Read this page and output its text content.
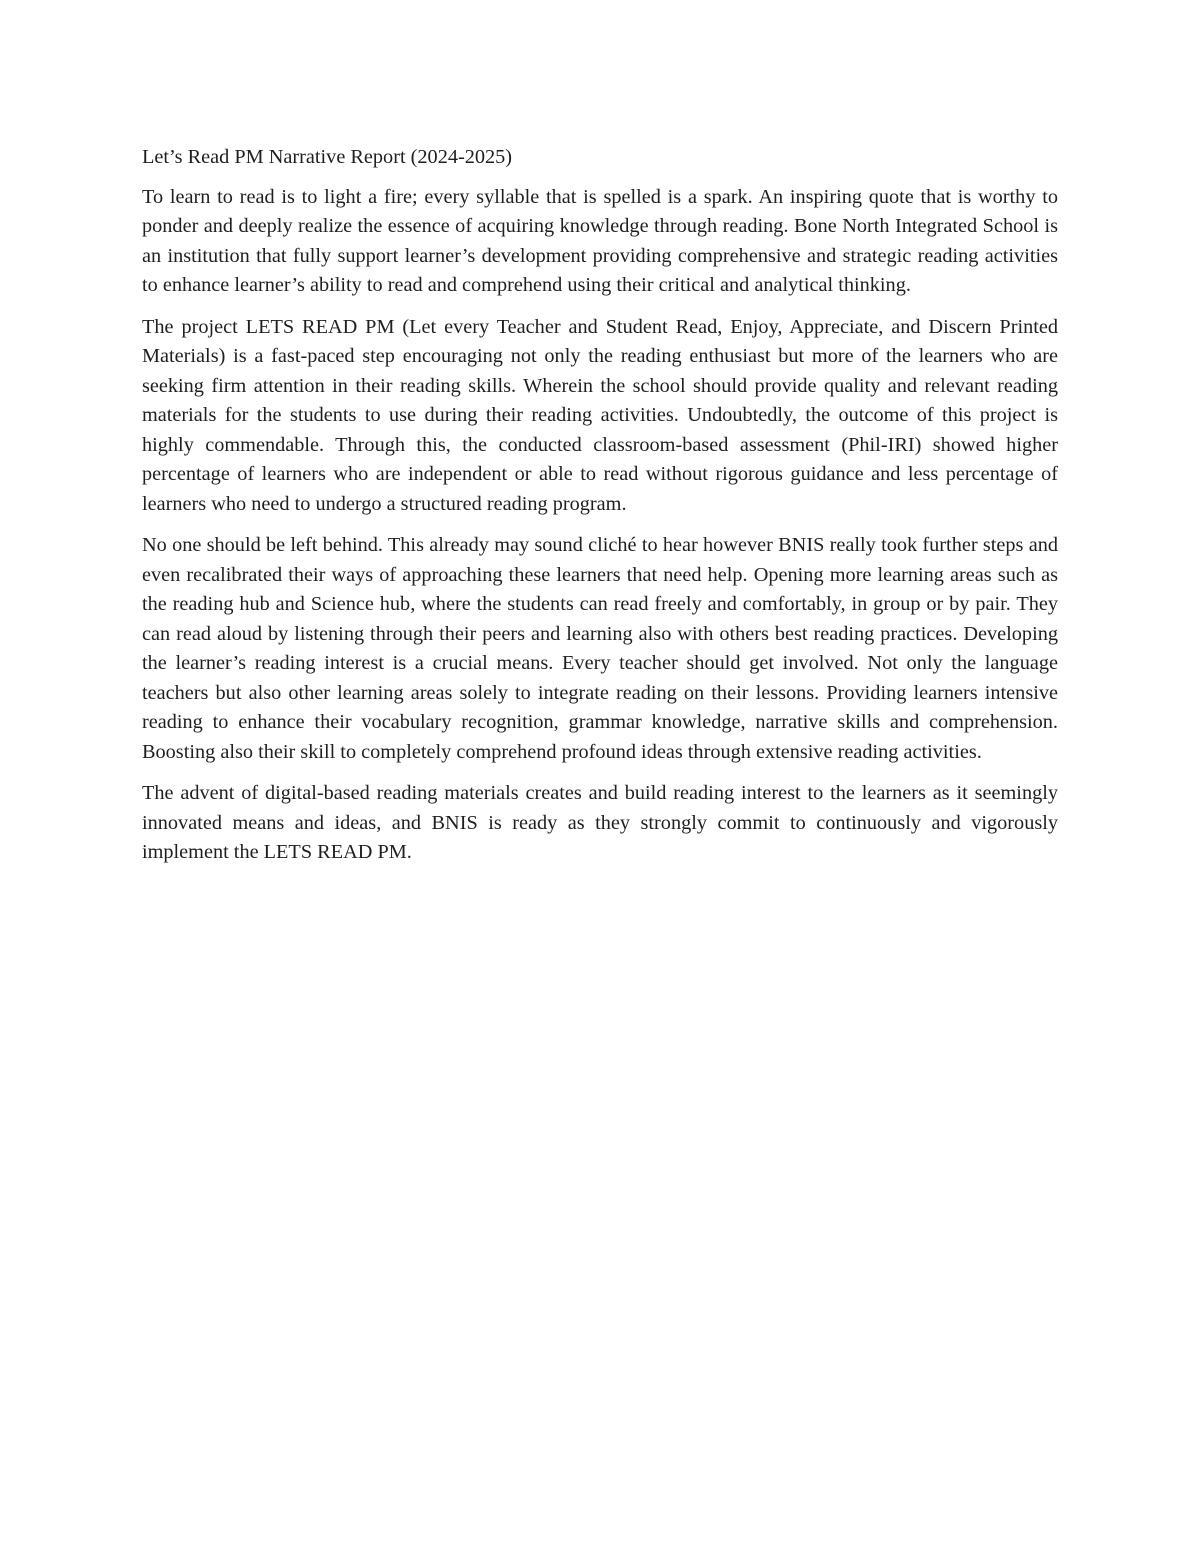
Let’s Read PM Narrative Report (2024-2025)

To learn to read is to light a fire; every syllable that is spelled is a spark. An inspiring quote that is worthy to ponder and deeply realize the essence of acquiring knowledge through reading. Bone North Integrated School is an institution that fully support learner’s development providing comprehensive and strategic reading activities to enhance learner’s ability to read and comprehend using their critical and analytical thinking.

The project LETS READ PM (Let every Teacher and Student Read, Enjoy, Appreciate, and Discern Printed Materials) is a fast-paced step encouraging not only the reading enthusiast but more of the learners who are seeking firm attention in their reading skills. Wherein the school should provide quality and relevant reading materials for the students to use during their reading activities. Undoubtedly, the outcome of this project is highly commendable. Through this, the conducted classroom-based assessment (Phil-IRI) showed higher percentage of learners who are independent or able to read without rigorous guidance and less percentage of learners who need to undergo a structured reading program.

No one should be left behind. This already may sound cliché to hear however BNIS really took further steps and even recalibrated their ways of approaching these learners that need help. Opening more learning areas such as the reading hub and Science hub, where the students can read freely and comfortably, in group or by pair. They can read aloud by listening through their peers and learning also with others best reading practices. Developing the learner’s reading interest is a crucial means. Every teacher should get involved. Not only the language teachers but also other learning areas solely to integrate reading on their lessons. Providing learners intensive reading to enhance their vocabulary recognition, grammar knowledge, narrative skills and comprehension. Boosting also their skill to completely comprehend profound ideas through extensive reading activities.

The advent of digital-based reading materials creates and build reading interest to the learners as it seemingly innovated means and ideas, and BNIS is ready as they strongly commit to continuously and vigorously implement the LETS READ PM.
